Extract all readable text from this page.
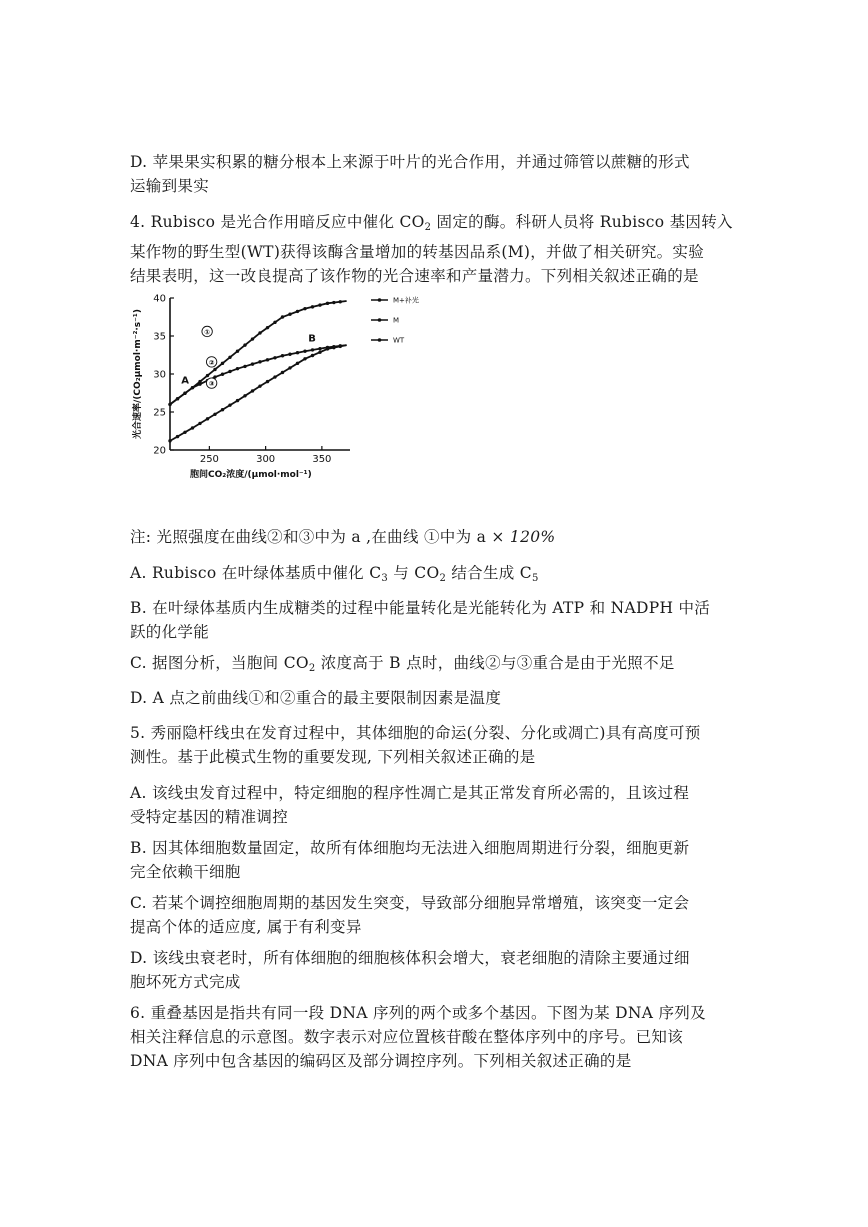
D. 苹果果实积累的糖分根本上来源于叶片的光合作用，并通过筛管以蔗糖的形式
运输到果实

4. Rubisco 是光合作用暗反应中催化 $CO_2$ 固定的酶。科研人员将 Rubisco 基因转入
某作物的野生型(WT)获得该酶含量增加的转基因品系(M)，并做了相关研究。实验
结果表明，这一改良提高了该作物的光合速率和产量潜力。下列相关叙述正确的是

20
25
30
35
40
250	300	350
①
②
③
A
B
M+补光
M
WT
光合速率/(CO₂μmol·m⁻²·s⁻¹)
胞间CO₂浓度/(μmol·mol⁻¹)

注: 光照强度在曲线②和③中为 a ,在曲线 ①中为 a × 120%

A. Rubisco 在叶绿体基质中催化 $C_3$ 与 $CO_2$ 结合生成 $C_5$

B. 在叶绿体基质内生成糖类的过程中能量转化是光能转化为 ATP 和 NADPH 中活
跃的化学能

C. 据图分析，当胞间 $CO_2$ 浓度高于 B 点时，曲线②与③重合是由于光照不足

D. A 点之前曲线①和②重合的最主要限制因素是温度

5. 秀丽隐杆线虫在发育过程中，其体细胞的命运(分裂、分化或凋亡)具有高度可预
测性。基于此模式生物的重要发现, 下列相关叙述正确的是

A. 该线虫发育过程中，特定细胞的程序性凋亡是其正常发育所必需的，且该过程
受特定基因的精准调控

B. 因其体细胞数量固定，故所有体细胞均无法进入细胞周期进行分裂，细胞更新
完全依赖干细胞

C. 若某个调控细胞周期的基因发生突变，导致部分细胞异常增殖，该突变一定会
提高个体的适应度, 属于有利变异

D. 该线虫衰老时，所有体细胞的细胞核体积会增大，衰老细胞的清除主要通过细
胞坏死方式完成

6. 重叠基因是指共有同一段 DNA 序列的两个或多个基因。下图为某 DNA 序列及
相关注释信息的示意图。数字表示对应位置核苷酸在整体序列中的序号。已知该
DNA 序列中包含基因的编码区及部分调控序列。下列相关叙述正确的是
